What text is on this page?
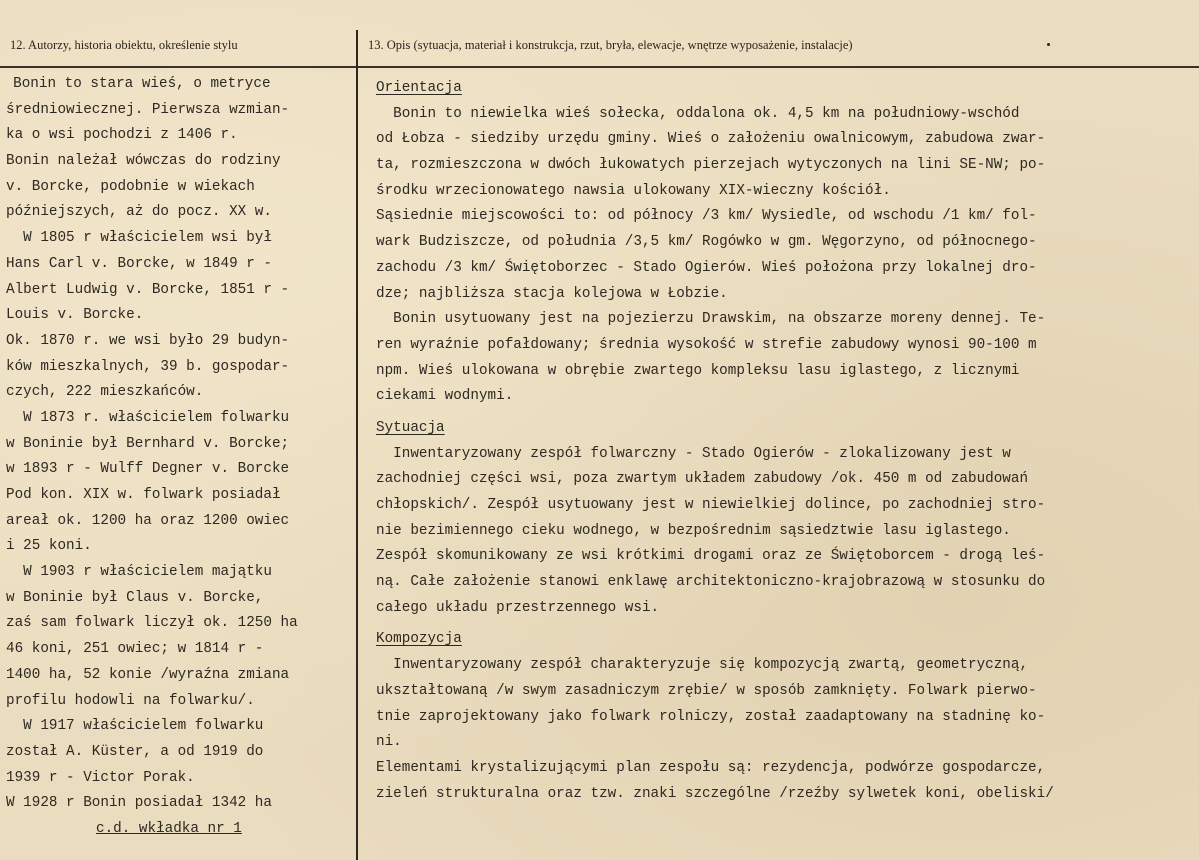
12. Autorzy, historia obiektu, określenie stylu	13. Opis (sytuacja, materiał i konstrukcja, rzut, bryła, elewacje, wnętrze wyposażenie, instalacje)
 Bonin to stara wieś, o metryce
średniowiecznej. Pierwsza wzmian-
ka o wsi pochodzi z 1406 r.
Bonin należał wówczas do rodziny
v. Borcke, podobnie w wiekach
późniejszych, aż do pocz. XX w.
W 1805 r właścicielem wsi był
Hans Carl v. Borcke, w 1849 r -
Albert Ludwig v. Borcke, 1851 r -
Louis v. Borcke.
Ok. 1870 r. we wsi było 29 budyn-
ków mieszkalnych, 39 b. gospodar-
czych, 222 mieszkańców.
W 1873 r. właścicielem folwarku
w Boninie był Bernhard v. Borcke;
w 1893 r - Wulff Degner v. Borcke
Pod kon. XIX w. folwark posiadał
areał ok. 1200 ha oraz 1200 owiec
i 25 koni.
W 1903 r właścicielem majątku
w Boninie był Claus v. Borcke,
zaś sam folwark liczył ok. 1250 ha
46 koni, 251 owiec; w 1814 r -
1400 ha, 52 konie /wyraźna zmiana
profilu hodowli na folwarku/.
W 1917 właścicielem folwarku
został A. Küster, a od 1919 do
1939 r - Victor Porak.
W 1928 r Bonin posiadał 1342 ha
c.d. wkładka nr 1
Orientacja
Bonin to niewielka wieś sołecka, oddalona ok. 4,5 km na południowy-wschód
od Łobza - siedziby urzędu gminy. Wieś o założeniu owalnicowym, zabudowa zwar-
ta, rozmieszczona w dwóch łukowatych pierzejach wytyczonych na lini SE-NW; po-
środku wrzecionowatego nawsia ulokowany XIX-wieczny kościół.
Sąsiednie miejscowości to: od północy /3 km/ Wysiedle, od wschodu /1 km/ fol-
wark Budziszcze, od południa /3,5 km/ Rogówko w gm. Węgorzyno, od północnego-
zachodu /3 km/ Świętoborzec - Stado Ogierów. Wieś położona przy lokalnej dro-
dze; najbliższa stacja kolejowa w Łobzie.
Bonin usytuowany jest na pojezierzu Drawskim, na obszarze moreny dennej. Te-
ren wyraźnie pofałdowany; średnia wysokość w strefie zabudowy wynosi 90-100 m
npm. Wieś ulokowana w obrębie zwartego kompleksu lasu iglastego, z licznymi
ciekami wodnymi.
Sytuacja
Inwentaryzowany zespół folwarczny - Stado Ogierów - zlokalizowany jest w
zachodniej części wsi, poza zwartym układem zabudowy /ok. 450 m od zabudowań
chłopskich/. Zespół usytuowany jest w niewielkiej dolince, po zachodniej stro-
nie bezimiennego cieku wodnego, w bezpośrednim sąsiedztwie lasu iglastego.
Zespół skomunikowany ze wsi krótkimi drogami oraz ze Świętoborcem - drogą leś-
ną. Całe założenie stanowi enklawę architektoniczno-krajobrazową w stosunku do
całego układu przestrzennego wsi.
Kompozycja
Inwentaryzowany zespół charakteryzuje się kompozycją zwartą, geometryczną,
ukształtowaną /w swym zasadniczym zrębie/ w sposób zamknięty. Folwark pierwo-
tnie zaprojektowany jako folwark rolniczy, został zaadaptowany na stadninę ko-
ni.
Elementami krystalizującymi plan zespołu są: rezydencja, podwórze gospodarcze,
zieleń strukturalna oraz tzw. znaki szczególne /rzeźby sylwetek koni, obeliski/
